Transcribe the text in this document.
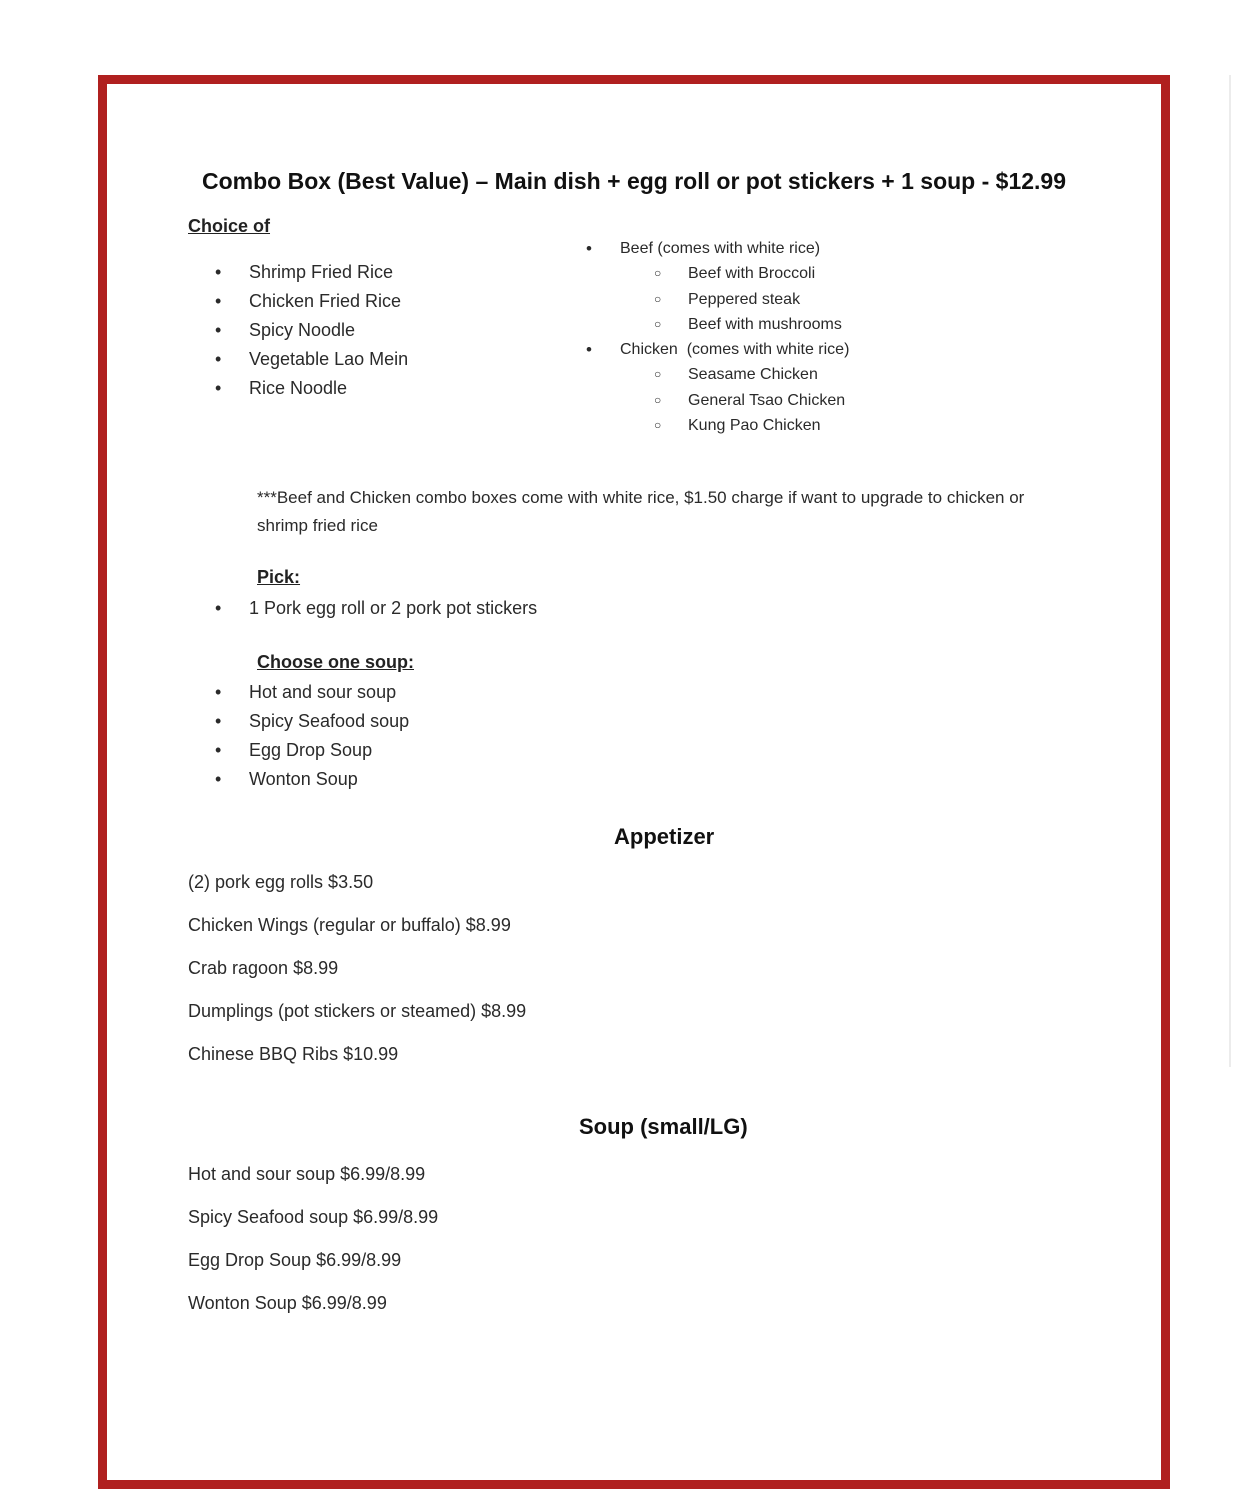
Combo Box (Best Value) – Main dish + egg roll or pot stickers + 1 soup - $12.99
Choice of
• Shrimp Fried Rice
• Chicken Fried Rice
• Spicy Noodle
• Vegetable Lao Mein
• Rice Noodle
• Beef (comes with white rice)
○ Beef with Broccoli
○ Peppered steak
○ Beef with mushrooms
• Chicken  (comes with white rice)
○ Seasame Chicken
○ General Tsao Chicken
○ Kung Pao Chicken
***Beef and Chicken combo boxes come with white rice, $1.50 charge if want to upgrade to chicken or shrimp fried rice
Pick:
• 1 Pork egg roll or 2 pork pot stickers
Choose one soup:
• Hot and sour soup
• Spicy Seafood soup
• Egg Drop Soup
• Wonton Soup
Appetizer
(2) pork egg rolls $3.50
Chicken Wings (regular or buffalo) $8.99
Crab ragoon $8.99
Dumplings (pot stickers or steamed) $8.99
Chinese BBQ Ribs $10.99
Soup (small/LG)
Hot and sour soup $6.99/8.99
Spicy Seafood soup $6.99/8.99
Egg Drop Soup $6.99/8.99
Wonton Soup $6.99/8.99
